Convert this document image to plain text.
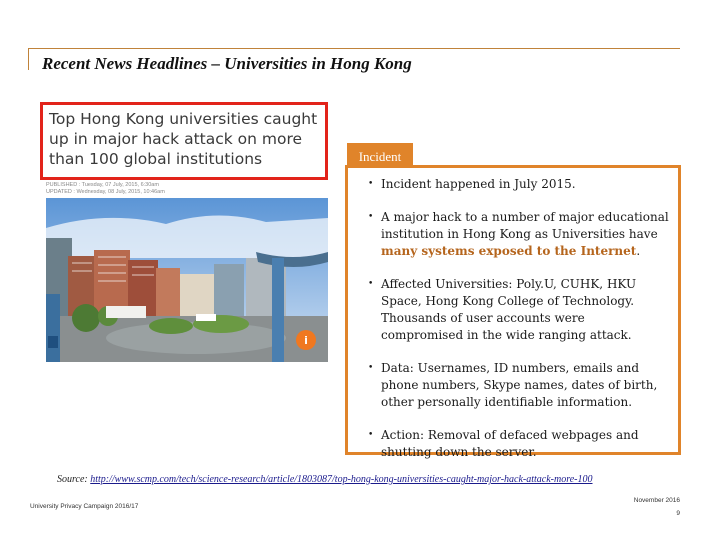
Recent News Headlines – Universities in Hong Kong
Top Hong Kong universities caught up in major hack attack on more than 100 global institutions
PUBLISHED : Tuesday, 07 July, 2015, 6:30am
UPDATED : Wednesday, 08 July, 2015, 10:46am
i
Incident
• Incident happened in July 2015.
• A major hack to a number of major educational institution in Hong Kong as Universities have many systems exposed to the Internet.
• Affected Universities: Poly.U, CUHK, HKU Space, Hong Kong College of Technology. Thousands of user accounts were compromised in the wide ranging attack.
• Data: Usernames, ID numbers, emails and phone numbers, Skype names, dates of birth, other personally identifiable information.
• Action: Removal of defaced webpages and shutting down the server.
Source: http://www.scmp.com/tech/science-research/article/1803087/top-hong-kong-universities-caught-major-hack-attack-more-100
University Privacy Campaign 2016/17
November 2016
9
